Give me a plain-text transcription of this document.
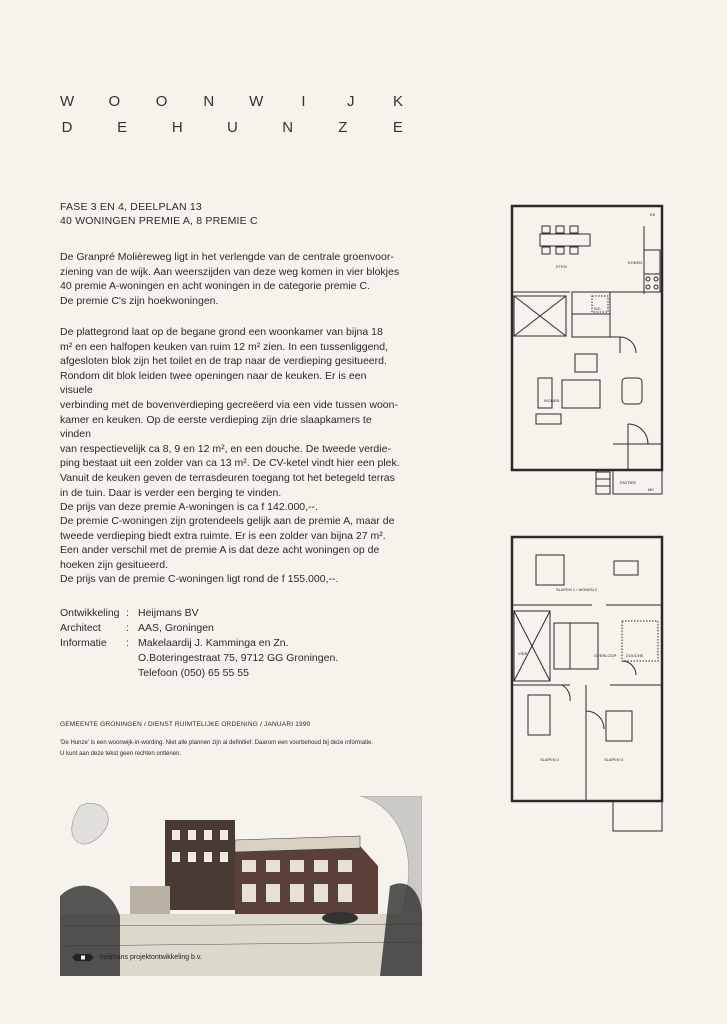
W O O N W	I	J	K
D	E	H	U	N	Z	E
FASE 3 EN 4, DEELPLAN 13
40 WONINGEN PREMIE A, 8 PREMIE C
De Granpré Molièreweg ligt in het verlengde van de centrale groenvoor-
ziening van de wijk. Aan weerszijden van deze weg komen in vier blokjes
40 premie A-woningen en acht woningen in de categorie premie C.
De premie C's zijn hoekwoningen.
De plattegrond laat op de begane grond een woonkamer van bijna 18
m² en een halfopen keuken van ruim 12 m² zien. In een tussenliggend,
afgesloten blok zijn het toilet en de trap naar de verdieping gesitueerd.
Rondom dit blok leiden twee openingen naar de keuken. Er is een visuele
verbinding met de bovenverdieping gecreëerd via een vide tussen woon-
kamer en keuken. Op de eerste verdieping zijn drie slaapkamers te vinden
van respectievelijk ca 8, 9 en 12 m², en een douche. De tweede verdie-
ping bestaat uit een zolder van ca 13 m². De CV-ketel vindt hier een plek.
Vanuit de keuken geven de terrasdeuren toegang tot het betegeld terras
in de tuin. Daar is verder een berging te vinden.
De prijs van deze premie A-woningen is ca f 142.000,--.
De premie C-woningen zijn grotendeels gelijk aan de premie A, maar de
tweede verdieping biedt extra ruimte. Er is een zolder van bijna 27 m².
Een ander verschil met de premie A is dat deze acht woningen op de
hoeken zijn gesitueerd.
De prijs van de premie C-woningen ligt rond de f 155.000,--.
Ontwikkeling : Heijmans BV
Architect	: AAS, Groningen
Informatie	: Makelaardij J. Kamminga en Zn.
O.Boteringestraat 75, 9712 GG Groningen.
Telefoon (050) 65 55 55
GEMEENTE GRONINGEN / DIENST RUIMTELIJKE ORDENING / JANUARI 1990
'De Hunze' is een woonwijk-in-wording. Niet alle plannen zijn al definitief. Daarom een voorbehoud bij deze informatie.
U kunt aan deze tekst geen rechten ontlenen.
ETEN
KOKEN
KK
WC
WONEN
ENTREE
MK
SLAPEN 1 / WONEN 2
VIDE	OVERLOOP DOUCHE
SLAPEN 2	SLAPEN 3
heijmans projektontwikkeling b.v.
